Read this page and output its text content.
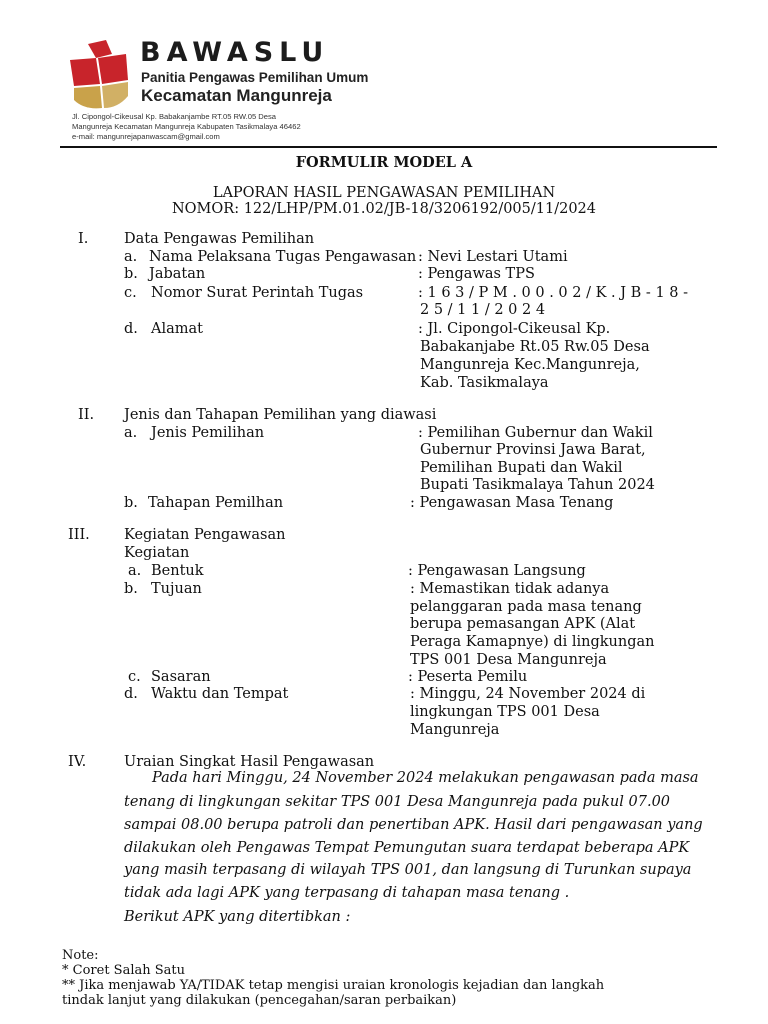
BAWASLU
Panitia Pengawas Pemilihan Umum
Kecamatan Mangunreja
Jl. Cipongol-Cikeusal Kp. Babakanjambe RT.05 RW.05 Desa
Mangunreja Kecamatan Mangunreja Kabupaten Tasikmalaya 46462
e-mail: mangunrejapanwascam@gmail.com
FORMULIR MODEL A
LAPORAN HASIL PENGAWASAN PEMILIHAN
NOMOR: 122/LHP/PM.01.02/JB-18/3206192/005/11/2024
I. Data Pengawas Pemilihan
a. Nama Pelaksana Tugas Pengawasan : Nevi Lestari Utami
b. Jabatan	: Pengawas TPS
c. Nomor Surat Perintah Tugas	: 1 6 3 / P M . 0 0 . 0 2 / K . J B - 1 8 -
2 5 / 1 1 / 2 0 2 4
d. Alamat	: Jl. Cipongol-Cikeusal Kp.
Babakanjabe Rt.05 Rw.05 Desa
Mangunreja Kec.Mangunreja,
Kab. Tasikmalaya
II. Jenis dan Tahapan Pemilihan yang diawasi
a. Jenis Pemilihan	: Pemilihan Gubernur dan Wakil
Gubernur Provinsi Jawa Barat,
Pemilihan Bupati dan Wakil
Bupati Tasikmalaya Tahun 2024
b. Tahapan Pemilhan	: Pengawasan Masa Tenang
III. Kegiatan Pengawasan
Kegiatan
a. Bentuk	: Pengawasan Langsung
b. Tujuan	: Memastikan tidak adanya
pelanggaran pada masa tenang
berupa pemasangan APK (Alat
Peraga Kamapnye) di lingkungan
TPS 001 Desa Mangunreja
c. Sasaran	: Peserta Pemilu
d. Waktu dan Tempat	: Minggu, 24 November 2024 di
lingkungan TPS 001 Desa
Mangunreja
IV.	Uraian Singkat Hasil Pengawasan
Pada hari Minggu, 24 November 2024 melakukan pengawasan pada masa
tenang di lingkungan sekitar TPS 001 Desa Mangunreja pada pukul 07.00
sampai 08.00 berupa patroli dan penertiban APK. Hasil dari pengawasan yang
dilakukan oleh Pengawas Tempat Pemungutan suara terdapat beberapa APK
yang masih terpasang di wilayah TPS 001, dan langsung di Turunkan supaya
tidak ada lagi APK yang terpasang di tahapan masa tenang .
Berikut APK yang ditertibkan :
Note:
* Coret Salah Satu
** Jika menjawab YA/TIDAK tetap mengisi uraian kronologis kejadian dan langkah
tindak lanjut yang dilakukan (pencegahan/saran perbaikan)
